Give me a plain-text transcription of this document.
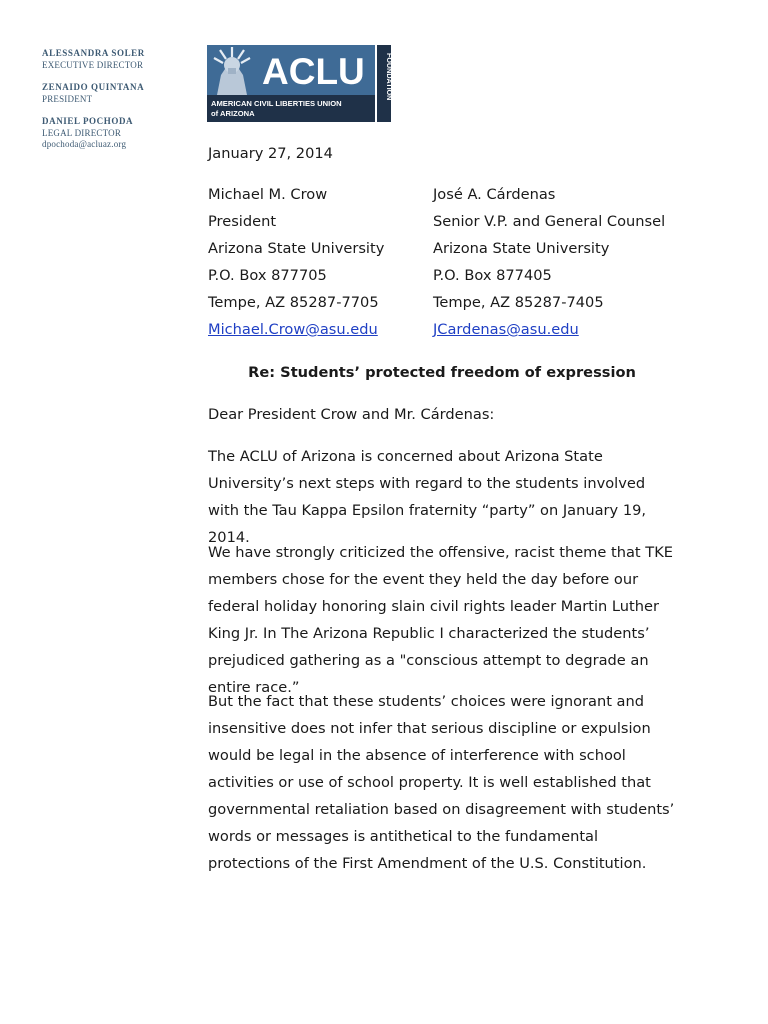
ALESSANDRA SOLER
EXECUTIVE DIRECTOR
ZENAIDO QUINTANA
PRESIDENT
DANIEL POCHODA
LEGAL DIRECTOR
dpochoda@acluaz.org
ACLU
AMERICAN CIVIL LIBERTIES UNION
of ARIZONA
FOUNDATION
January 27, 2014
Michael M. Crow
President
Arizona State University
P.O. Box 877705
Tempe, AZ 85287-7705
Michael.Crow@asu.edu
José A. Cárdenas
Senior V.P. and General Counsel
Arizona State University
P.O. Box 877405
Tempe, AZ 85287-7405
JCardenas@asu.edu
Re: Students’ protected freedom of expression
Dear President Crow and Mr. Cárdenas:
The ACLU of Arizona is concerned about Arizona State University’s next steps with regard to the students involved with the Tau Kappa Epsilon fraternity “party” on January 19, 2014.
We have strongly criticized the offensive, racist theme that TKE members chose for the event they held the day before our federal holiday honoring slain civil rights leader Martin Luther King Jr. In The Arizona Republic I characterized the students’ prejudiced gathering as a "conscious attempt to degrade an entire race.”
But the fact that these students’ choices were ignorant and insensitive does not infer that serious discipline or expulsion would be legal in the absence of interference with school activities or use of school property. It is well established that governmental retaliation based on disagreement with students’ words or messages is antithetical to the fundamental protections of the First Amendment of the U.S. Constitution.
